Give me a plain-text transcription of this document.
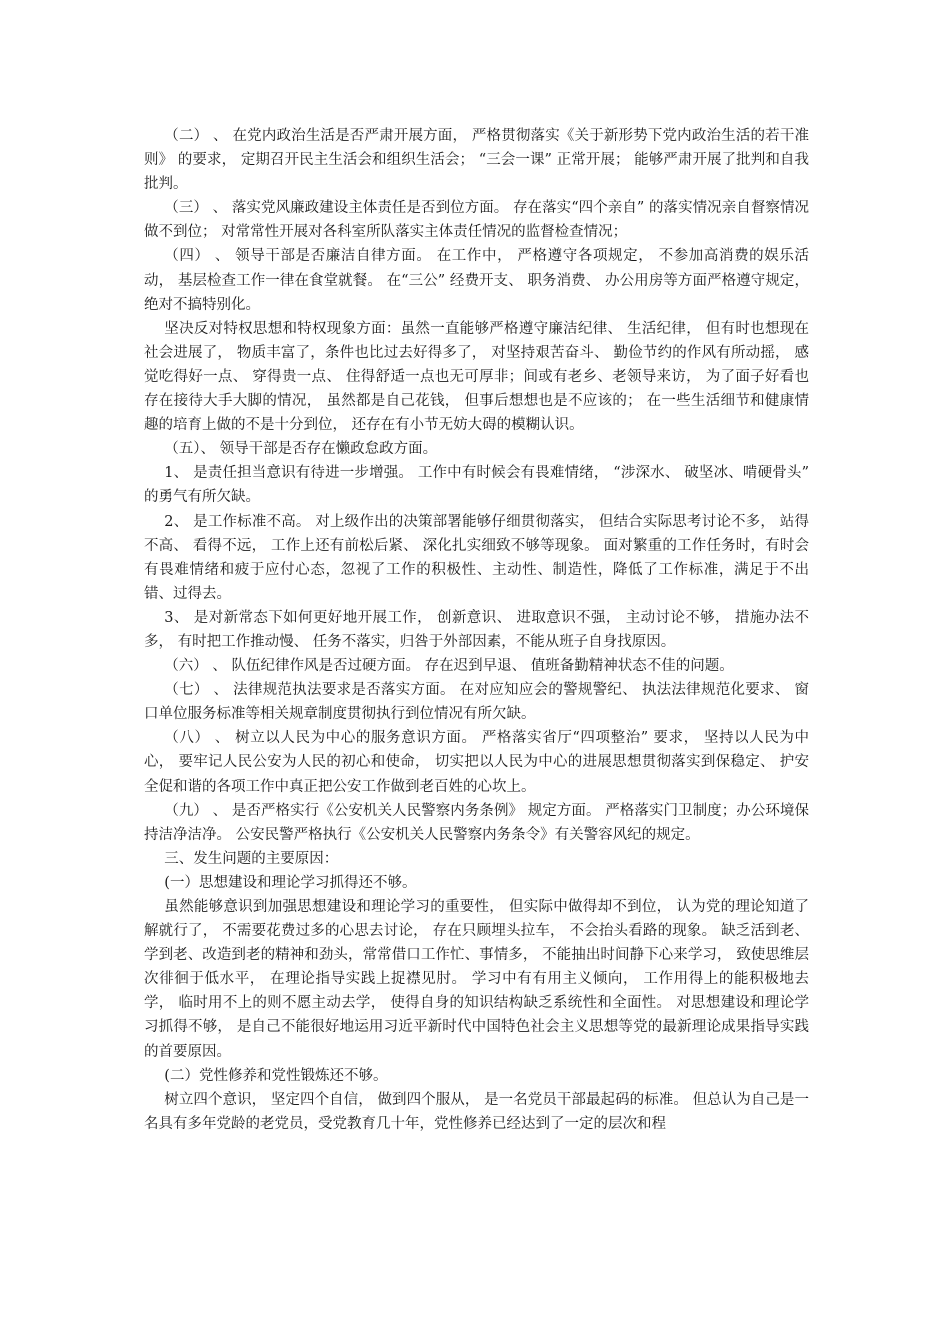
（二） 、 在党内政治生活是否严肃开展方面， 严格贯彻落实《关于新形势下党内政治生活的若干准则》 的要求， 定期召开民主生活会和组织生活会； “三会一课” 正常开展； 能够严肃开展了批判和自我批判。

（三） 、 落实党风廉政建设主体责任是否到位方面。 存在落实“四个亲自” 的落实情况亲自督察情况做不到位； 对常常性开展对各科室所队落实主体责任情况的监督检查情况；

（四） 、 领导干部是否廉洁自律方面。 在工作中， 严格遵守各项规定， 不参加高消费的娱乐活动， 基层检查工作一律在食堂就餐。 在“三公” 经费开支、 职务消费、 办公用房等方面严格遵守规定，绝对不搞特别化。

坚决反对特权思想和特权现象方面：虽然一直能够严格遵守廉洁纪律、 生活纪律， 但有时也想现在社会进展了， 物质丰富了，条件也比过去好得多了， 对坚持艰苦奋斗、 勤俭节约的作风有所动摇， 感觉吃得好一点、 穿得贵一点、 住得舒适一点也无可厚非；间或有老乡、老领导来访， 为了面子好看也存在接待大手大脚的情况， 虽然都是自己花钱， 但事后想想也是不应该的； 在一些生活细节和健康情趣的培育上做的不是十分到位， 还存在有小节无妨大碍的模糊认识。

（五）、 领导干部是否存在懒政怠政方面。

1、 是责任担当意识有待进一步增强。 工作中有时候会有畏难情绪， “涉深水、 破坚冰、啃硬骨头” 的勇气有所欠缺。

2、 是工作标准不高。 对上级作出的决策部署能够仔细贯彻落实， 但结合实际思考讨论不多， 站得不高、 看得不远， 工作上还有前松后紧、 深化扎实细致不够等现象。 面对繁重的工作任务时，有时会有畏难情绪和疲于应付心态，忽视了工作的积极性、主动性、制造性，降低了工作标准，满足于不出错、过得去。

3、 是对新常态下如何更好地开展工作， 创新意识、 进取意识不强， 主动讨论不够， 措施办法不多， 有时把工作推动慢、 任务不落实，归咎于外部因素，不能从班子自身找原因。

（六） 、 队伍纪律作风是否过硬方面。 存在迟到早退、 值班备勤精神状态不佳的问题。

（七） 、 法律规范执法要求是否落实方面。 在对应知应会的警规警纪、 执法法律规范化要求、 窗口单位服务标准等相关规章制度贯彻执行到位情况有所欠缺。

（八） 、 树立以人民为中心的服务意识方面。 严格落实省厅“四项整治” 要求， 坚持以人民为中心， 要牢记人民公安为人民的初心和使命， 切实把以人民为中心的进展思想贯彻落实到保稳定、 护安全促和谐的各项工作中真正把公安工作做到老百姓的心坎上。

（九） 、 是否严格实行《公安机关人民警察内务条例》 规定方面。 严格落实门卫制度；办公环境保持洁净洁净。 公安民警严格执行《公安机关人民警察内务条令》有关警容风纪的规定。

三、发生问题的主要原因：

(一）思想建设和理论学习抓得还不够。

虽然能够意识到加强思想建设和理论学习的重要性， 但实际中做得却不到位， 认为党的理论知道了解就行了， 不需要花费过多的心思去讨论， 存在只顾埋头拉车， 不会抬头看路的现象。 缺乏活到老、学到老、改造到老的精神和劲头，常常借口工作忙、事情多， 不能抽出时间静下心来学习， 致使思维层次徘徊于低水平， 在理论指导实践上捉襟见肘。 学习中有有用主义倾向， 工作用得上的能积极地去学， 临时用不上的则不愿主动去学， 使得自身的知识结构缺乏系统性和全面性。 对思想建设和理论学习抓得不够， 是自己不能很好地运用习近平新时代中国特色社会主义思想等党的最新理论成果指导实践的首要原因。

(二）党性修养和党性锻炼还不够。

树立四个意识， 坚定四个自信， 做到四个服从， 是一名党员干部最起码的标准。 但总认为自己是一名具有多年党龄的老党员，受党教育几十年，党性修养已经达到了一定的层次和程
